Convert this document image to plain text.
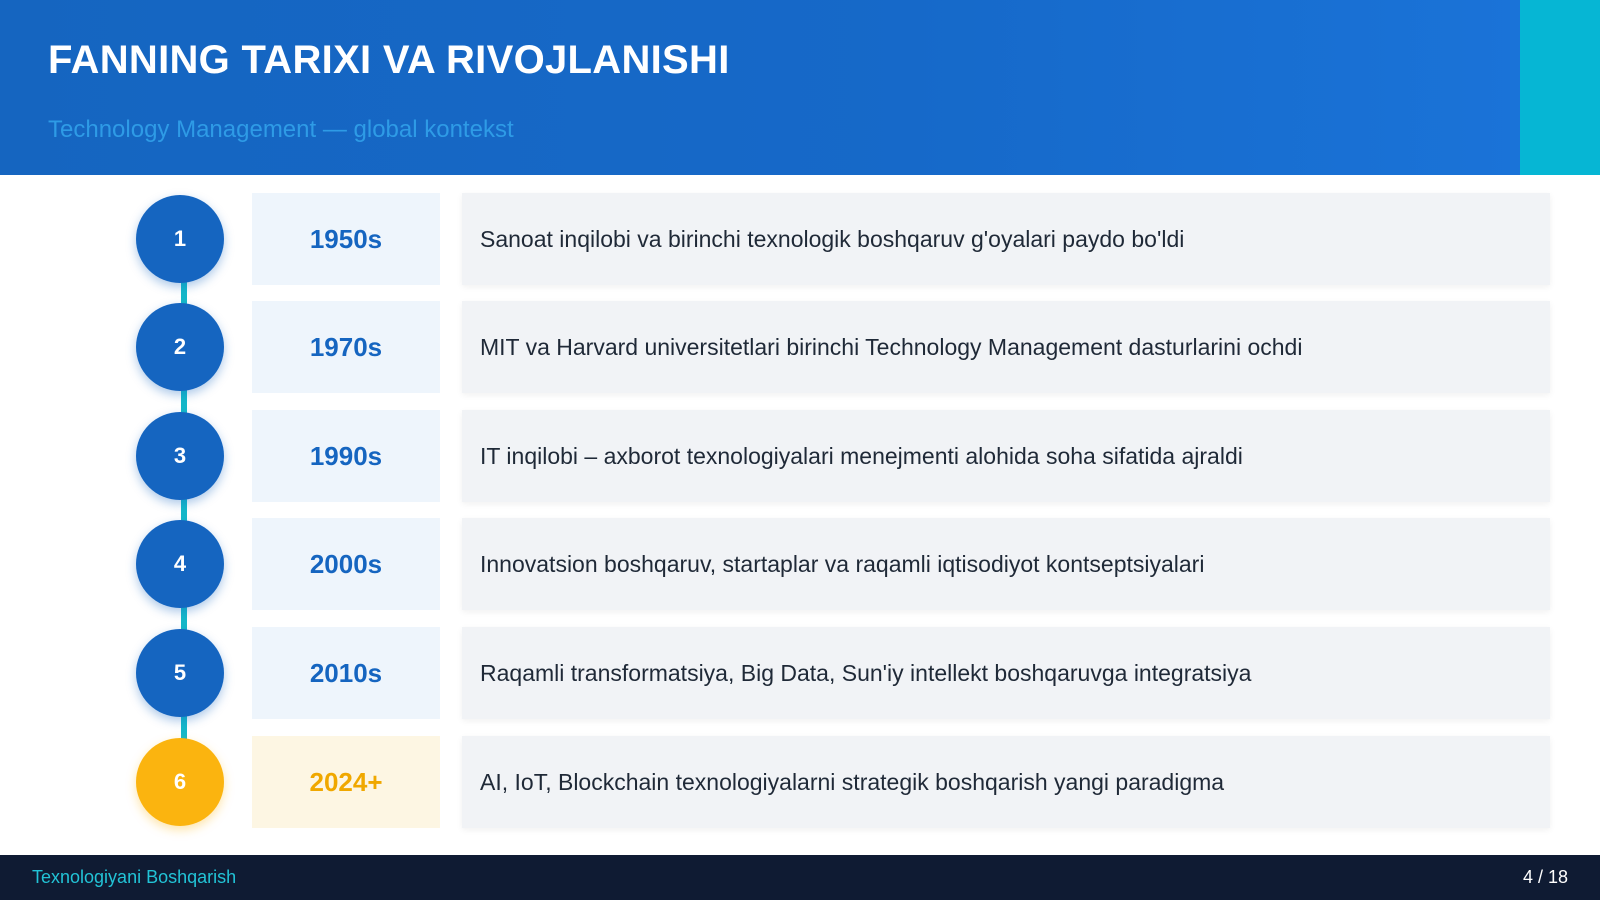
FANNING TARIXI VA RIVOJLANISHI
Technology Management — global kontekst
1	1950s	Sanoat inqilobi va birinchi texnologik boshqaruv g'oyalari paydo bo'ldi
2	1970s	MIT va Harvard universitetlari birinchi Technology Management dasturlarini ochdi
3	1990s	IT inqilobi – axborot texnologiyalari menejmenti alohida soha sifatida ajraldi
4	2000s	Innovatsion boshqaruv, startaplar va raqamli iqtisodiyot kontseptsiyalari
5	2010s	Raqamli transformatsiya, Big Data, Sun'iy intellekt boshqaruvga integratsiya
6	2024+	AI, IoT, Blockchain texnologiyalarni strategik boshqarish yangi paradigma
Texnologiyani Boshqarish	4 / 18
